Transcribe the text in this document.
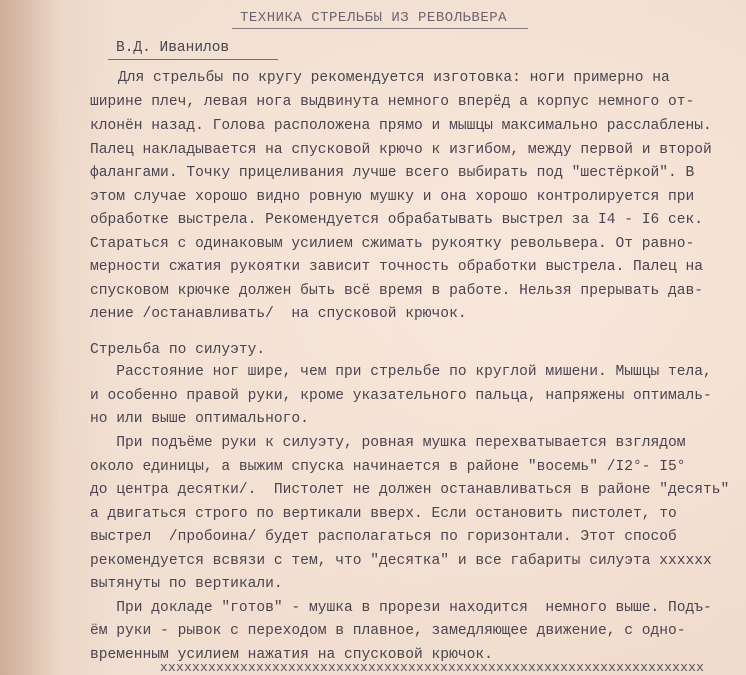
ТЕХНИКА СТРЕЛЬБЫ ИЗ РЕВОЛЬВЕРА
В.Д. Иванилов
Для стрельбы по кругу рекомендуется изготовка: ноги примерно на
ширине плеч, левая нога выдвинута немного вперёд а корпус немного от-
клонён назад. Голова расположена прямо и мышцы максимально расслаблены.
Палец накладывается на спусковой крючо к изгибом, между первой и второй
фалангами. Точку прицеливания лучше всего выбирать под "шестёркой". В
этом случае хорошо видно ровную мушку и она хорошо контролируется при
обработке выстрела. Рекомендуется обрабатывать выстрел за I4 - I6 сек.
Стараться с одинаковым усилием сжимать рукоятку револьвера. От равно-
мерности сжатия рукоятки зависит точность обработки выстрела. Палец на
спусковом крючке должен быть всё время в работе. Нельзя прерывать дав-
ление /останавливать/  на спусковой крючок.
Стрельба по силуэту.
Расстояние ног шире, чем при стрельбе по круглой мишени. Мышцы тела,
и особенно правой руки, кроме указательного пальца, напряжены оптималь-
но или выше оптимального.
При подъёме руки к силуэту, ровная мушка перехватывается взглядом
около единицы, а выжим спуска начинается в районе "восемь" /I2°- I5°
до центра десятки/.  Пистолет не должен останавливаться в районе "десять"
а двигаться строго по вертикали вверх. Если остановить пистолет, то
выстрел  /пробоина/ будет располагаться по горизонтали. Этот способ
рекомендуется всвязи с тем, что "десятка" и все габариты силуэта хххххх
вытянуты по вертикали.
При докладе "готов" - мушка в прорези находится  немного выше. Подъ-
ём руки - рывок с переходом в плавное, замедляющее движение, с одно-
временным усилием нажатия на спусковой крючок.
xxxxxxxxxxxxxxxxxxxxxxxxxxxxxxxxxxxxxxxxxxxxxxxxxxxxxxxxxxxxxxxxxxxx
